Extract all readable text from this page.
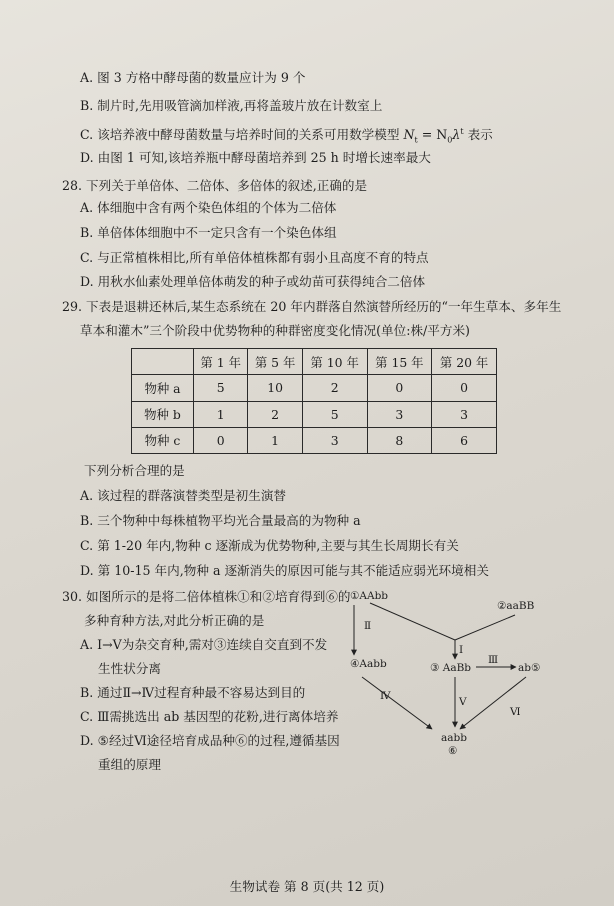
A. 图 3 方格中酵母菌的数量应计为 9 个
B. 制片时,先用吸管滴加样液,再将盖玻片放在计数室上
C. 该培养液中酵母菌数量与培养时间的关系可用数学模型 $N_t = N_0\lambda^t$ 表示
D. 由图 1 可知,该培养瓶中酵母菌培养到 25 h 时增长速率最大
28. 下列关于单倍体、二倍体、多倍体的叙述,正确的是
A. 体细胞中含有两个染色体组的个体为二倍体
B. 单倍体体细胞中不一定只含有一个染色体组
C. 与正常植株相比,所有单倍体植株都有弱小且高度不育的特点
D. 用秋水仙素处理单倍体萌发的种子或幼苗可获得纯合二倍体
29. 下表是退耕还林后,某生态系统在 20 年内群落自然演替所经历的“一年生草本、多年生
草本和灌木”三个阶段中优势物种的种群密度变化情况(单位:株/平方米)
	第 1 年	第 5 年	第 10 年	第 15 年	第 20 年
物种 a	5	10	2	0	0
物种 b	1	2	5	3	3
物种 c	0	1	3	8	6
下列分析合理的是
A. 该过程的群落演替类型是初生演替
B. 三个物种中每株植物平均光合量最高的为物种 a
C. 第 1-20 年内,物种 c 逐渐成为优势物种,主要与其生长周期长有关
D. 第 10-15 年内,物种 a 逐渐消失的原因可能与其不能适应弱光环境相关
30. 如图所示的是将二倍体植株①和②培育得到⑥的
多种育种方法,对此分析正确的是
A. Ⅰ→Ⅴ为杂交育种,需对③连续自交直到不发
生性状分离
B. 通过Ⅱ→Ⅳ过程育种最不容易达到目的
C. Ⅲ需挑选出 ab 基因型的花粉,进行离体培养
D. ⑤经过Ⅵ途径培育成品种⑥的过程,遵循基因
重组的原理
①AAbb
②aaBB
③ AaBb
④Aabb	ab⑤
aabb
⑥
Ⅰ
Ⅱ
Ⅲ
Ⅳ	Ⅴ
Ⅵ
生物试卷 第 8 页(共 12 页)
